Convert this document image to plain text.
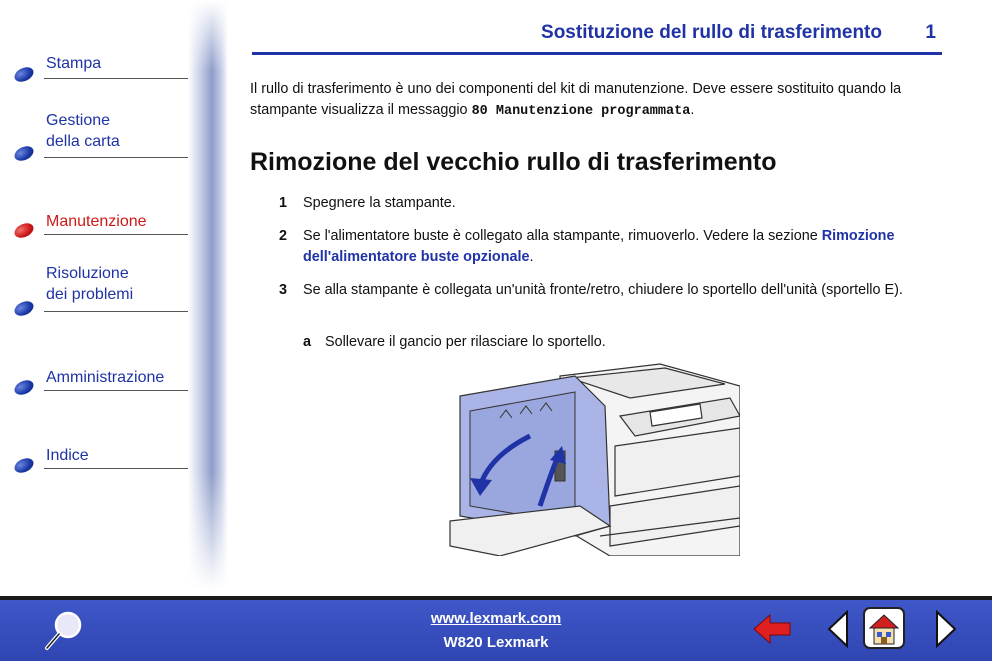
Stampa
Gestione
della carta
Manutenzione
Risoluzione
dei problemi
Amministrazione
Indice
Sostituzione del rullo di trasferimento 1
Il rullo di trasferimento è uno dei componenti del kit di manutenzione. Deve essere sostituito quando la stampante visualizza il messaggio 80 Manutenzione programmata.
Rimozione del vecchio rullo di trasferimento
1 Spegnere la stampante.
2 Se l'alimentatore buste è collegato alla stampante, rimuoverlo. Vedere la sezione Rimozione dell'alimentatore buste opzionale.
3 Se alla stampante è collegata un'unità fronte/retro, chiudere lo sportello dell'unità (sportello E).
a Sollevare il gancio per rilasciare lo sportello.
www.lexmark.com
W820 Lexmark
